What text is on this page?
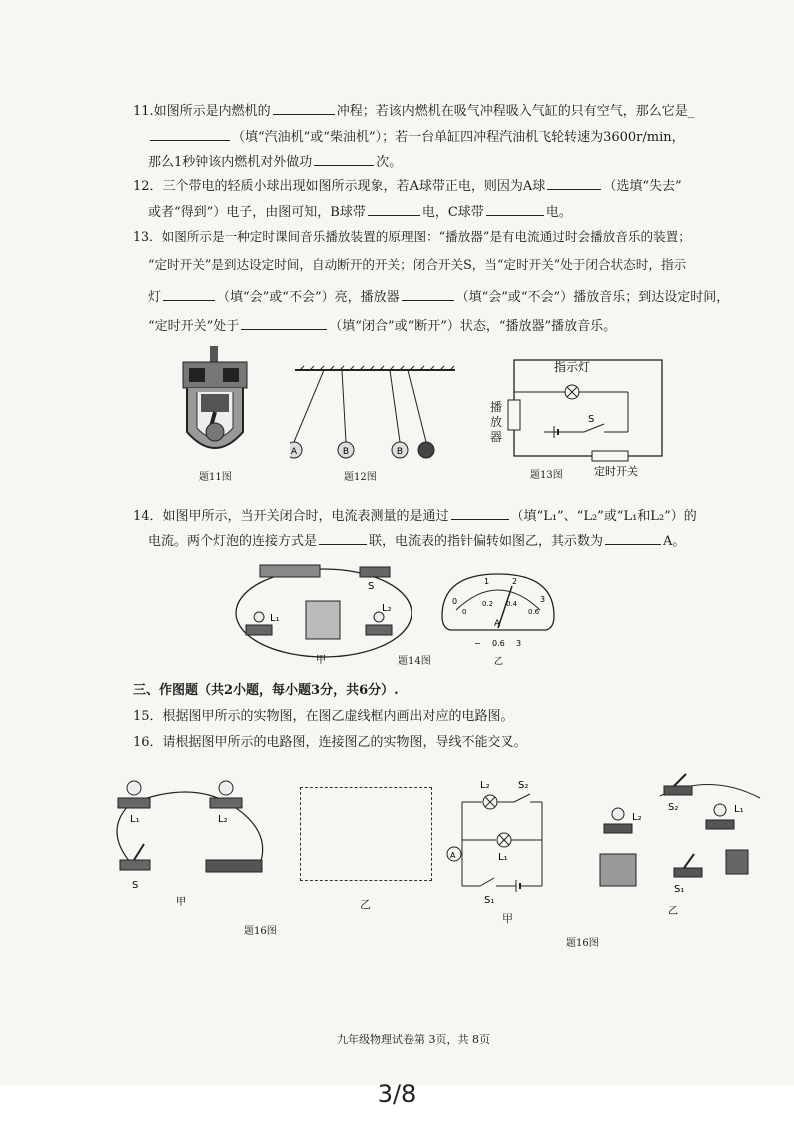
11.如图所示是内燃机的	冲程；若该内燃机在吸气冲程吸入气缸的只有空气，那么它是_
（填“汽油机”或“柴油机”）；若一台单缸四冲程汽油机飞轮转速为3600r/min，
那么1秒钟该内燃机对外做功	次。
12．三个带电的轻质小球出现如图所示现象，若A球带正电，则因为A球	（选填“失去”
或者“得到”）电子，由图可知，B球带	电，C球带	电。
13．如图所示是一种定时课间音乐播放装置的原理图：“播放器”是有电流通过时会播放音乐的装置；
“定时开关”是到达设定时间，自动断开的开关；闭合开关S，当“定时开关”处于闭合状态时，指示
灯	（填“会”或“不会”）亮，播放器	（填“会”或“不会”）播放音乐；到达设定时间，
“定时开关”处于	（填“闭合”或“断开”）状态，“播放器”播放音乐。
题11图
A	B	B
题12图
指示灯
S
定时开关
播放器
题13图
14．如图甲所示，当开关闭合时，电流表测量的是通过	（填“L₁”、“L₂”或“L₁和L₂”）的
电流。两个灯泡的连接方式是	联，电流表的指针偏转如图乙，其示数为	A。
S
L₁
L₂
甲
0
1	2
3
0
0.2 0.4
0.6
A
− 0.6 3
乙
题14图
三、作图题（共2小题，每小题3分，共6分）.
15．根据图甲所示的实物图，在图乙虚线框内画出对应的电路图。
16．请根据图甲所示的电路图，连接图乙的实物图，导线不能交叉。
L₁	L₂
S
甲	乙
题16图
L₂	S₂
L₁
A
S₁
甲
L₂
S₂	L₁
S₁
乙
题16图
九年级物理试卷第 3页，共 8页
3/8
